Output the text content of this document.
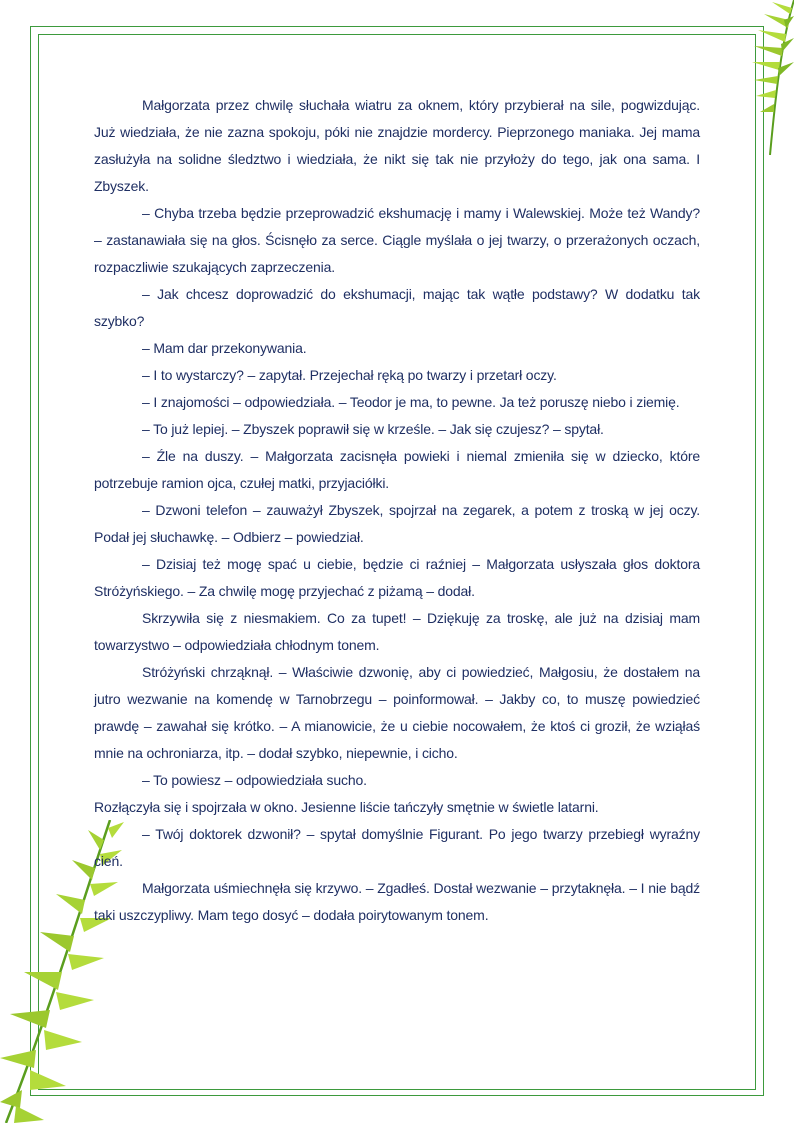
Małgorzata przez chwilę słuchała wiatru za oknem, który przybierał na sile, pogwizdując. Już wiedziała, że nie zazna spokoju, póki nie znajdzie mordercy. Pieprzonego maniaka. Jej mama zasłużyła na solidne śledztwo i wiedziała, że nikt się tak nie przyłoży do tego, jak ona sama. I Zbyszek.

– Chyba trzeba będzie przeprowadzić ekshumację i mamy i Walewskiej. Może też Wandy? – zastanawiała się na głos. Ścisnęło za serce. Ciągle myślała o jej twarzy, o przerażonych oczach, rozpaczliwie szukających zaprzeczenia.

– Jak chcesz doprowadzić do ekshumacji, mając tak wątłe podstawy? W dodatku tak szybko?

– Mam dar przekonywania.

– I to wystarczy? – zapytał. Przejechał ręką po twarzy i przetarł oczy.

– I znajomości – odpowiedziała. – Teodor je ma, to pewne. Ja też poruszę niebo i ziemię.

– To już lepiej. – Zbyszek poprawił się w krześle. – Jak się czujesz? – spytał.

– Źle na duszy. – Małgorzata zacisnęła powieki i niemal zmieniła się w dziecko, które potrzebuje ramion ojca, czułej matki, przyjaciółki.

– Dzwoni telefon – zauważył Zbyszek, spojrzał na zegarek, a potem z troską w jej oczy. Podał jej słuchawkę. – Odbierz – powiedział.

– Dzisiaj też mogę spać u ciebie, będzie ci raźniej – Małgorzata usłyszała głos doktora Stróżyńskiego. – Za chwilę mogę przyjechać z piżamą – dodał.

Skrzywiła się z niesmakiem. Co za tupet! – Dziękuję za troskę, ale już na dzisiaj mam towarzystwo – odpowiedziała chłodnym tonem.

Stróżyński chrząknął. – Właściwie dzwonię, aby ci powiedzieć, Małgosiu, że dostałem na jutro wezwanie na komendę w Tarnobrzegu – poinformował. – Jakby co, to muszę powiedzieć prawdę – zawahał się krótko. – A mianowicie, że u ciebie nocowałem, że ktoś ci groził, że wziąłaś mnie na ochroniarza, itp. – dodał szybko, niepewnie, i cicho.

– To powiesz – odpowiedziała sucho.

Rozłączyła się i spojrzała w okno. Jesienne liście tańczyły smętnie w świetle latarni.

– Twój doktorek dzwonił? – spytał domyślnie Figurant. Po jego twarzy przebiegł wyraźny cień.

Małgorzata uśmiechnęła się krzywo. – Zgadłeś. Dostał wezwanie – przytaknęła. – I nie bądź taki uszczypliwy. Mam tego dosyć – dodała poirytowanym tonem.
